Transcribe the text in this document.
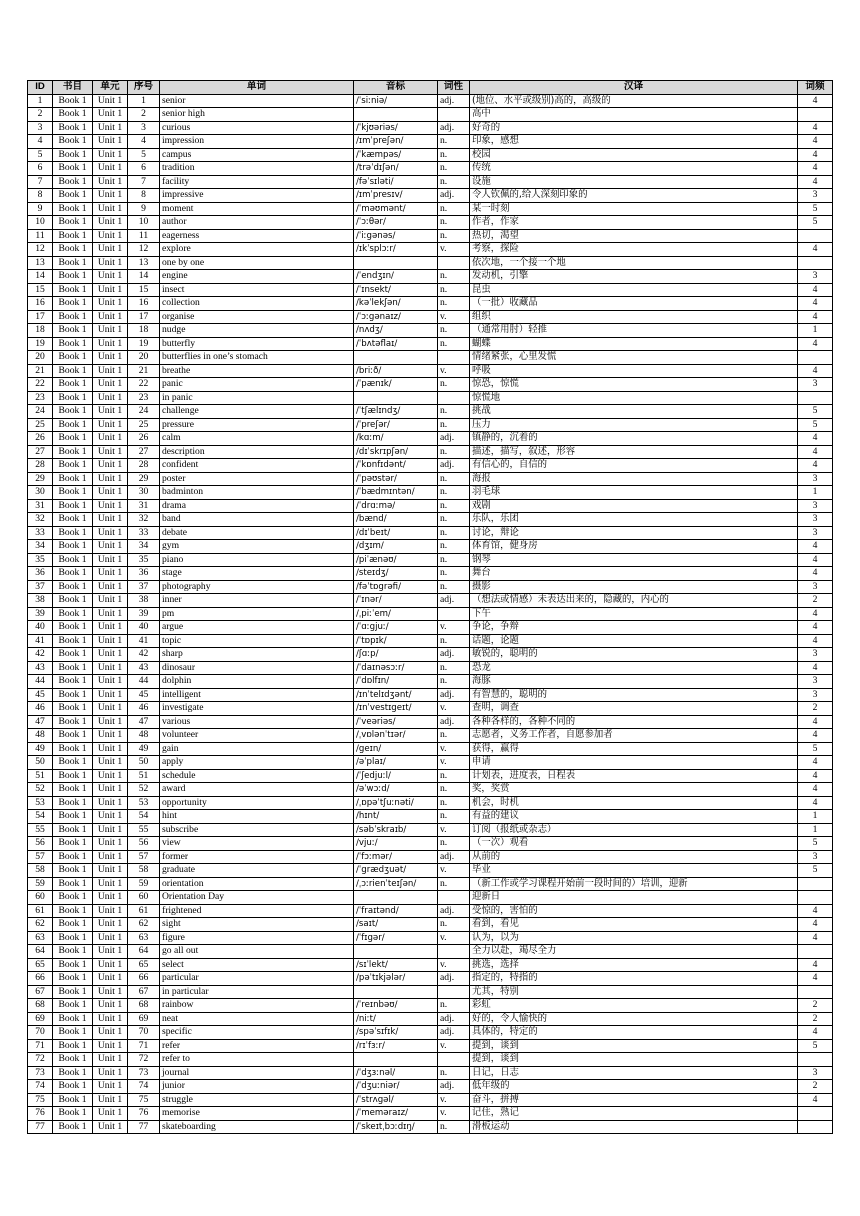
ID	书目	单元	序号	单词	音标	词性	汉译	词频
1	Book 1	Unit 1	1	senior	/ˈsiːniə/	adj.	(地位、水平或级别)高的，高级的	4
2	Book 1	Unit 1	2	senior high			高中	
3	Book 1	Unit 1	3	curious	/ˈkjʊəriəs/	adj.	好奇的	4
4	Book 1	Unit 1	4	impression	/ɪmˈpreʃən/	n.	印象，感想	4
5	Book 1	Unit 1	5	campus	/ˈkæmpəs/	n.	校园	4
6	Book 1	Unit 1	6	tradition	/trəˈdɪʃən/	n.	传统	4
7	Book 1	Unit 1	7	facility	/fəˈsɪləti/	n.	设施	4
8	Book 1	Unit 1	8	impressive	/ɪmˈpresɪv/	adj.	令人钦佩的,给人深刻印象的	3
9	Book 1	Unit 1	9	moment	/ˈməʊmənt/	n.	某一时刻	5
10	Book 1	Unit 1	10	author	/ˈɔːθər/	n.	作者，作家	5
11	Book 1	Unit 1	11	eagerness	/ˈiːgənəs/	n.	热切，渴望	
12	Book 1	Unit 1	12	explore	/ɪkˈsplɔːr/	v.	考察，探险	4
13	Book 1	Unit 1	13	one by one			依次地，一个接一个地	
14	Book 1	Unit 1	14	engine	/ˈendʒɪn/	n.	发动机，引擎	3
15	Book 1	Unit 1	15	insect	/ˈɪnsekt/	n.	昆虫	4
16	Book 1	Unit 1	16	collection	/kəˈlekʃən/	n.	（一批）收藏品	4
17	Book 1	Unit 1	17	organise	/ˈɔːgənaɪz/	v.	组织	4
18	Book 1	Unit 1	18	nudge	/nʌdʒ/	n.	（通常用肘）轻推	1
19	Book 1	Unit 1	19	butterfly	/ˈbʌtəflaɪ/	n.	蝴蝶	4
20	Book 1	Unit 1	20	butterflies in one’s stomach			情绪紧张，心里发慌	
21	Book 1	Unit 1	21	breathe	/briːð/	v.	呼吸	4
22	Book 1	Unit 1	22	panic	/ˈpænɪk/	n.	惊恐，惊慌	3
23	Book 1	Unit 1	23	in panic			惊慌地	
24	Book 1	Unit 1	24	challenge	/ˈtʃælɪndʒ/	n.	挑战	5
25	Book 1	Unit 1	25	pressure	/ˈpreʃər/	n.	压力	5
26	Book 1	Unit 1	26	calm	/kɑːm/	adj.	镇静的，沉着的	4
27	Book 1	Unit 1	27	description	/dɪˈskrɪpʃən/	n.	描述，描写，叙述，形容	4
28	Book 1	Unit 1	28	confident	/ˈkɒnfɪdənt/	adj.	有信心的，自信的	4
29	Book 1	Unit 1	29	poster	/ˈpəʊstər/	n.	海报	3
30	Book 1	Unit 1	30	badminton	/ˈbædmɪntən/	n.	羽毛球	1
31	Book 1	Unit 1	31	drama	/ˈdrɑːmə/	n.	戏剧	3
32	Book 1	Unit 1	32	band	/bænd/	n.	乐队，乐团	3
33	Book 1	Unit 1	33	debate	/dɪˈbeɪt/	n.	讨论，辩论	3
34	Book 1	Unit 1	34	gym	/dʒɪm/	n.	体育馆，健身房	4
35	Book 1	Unit 1	35	piano	/piˈænəʊ/	n.	钢琴	4
36	Book 1	Unit 1	36	stage	/steɪdʒ/	n.	舞台	4
37	Book 1	Unit 1	37	photography	/fəˈtɒgrəfi/	n.	摄影	3
38	Book 1	Unit 1	38	inner	/ˈɪnər/	adj.	（想法或情感）未表达出来的，隐藏的，内心的	2
39	Book 1	Unit 1	39	pm	/ˌpiːˈem/		下午	4
40	Book 1	Unit 1	40	argue	/ˈɑːgjuː/	v.	争论，争辩	4
41	Book 1	Unit 1	41	topic	/ˈtɒpɪk/	n.	话题，论题	4
42	Book 1	Unit 1	42	sharp	/ʃɑːp/	adj.	敏锐的，聪明的	3
43	Book 1	Unit 1	43	dinosaur	/ˈdaɪnəsɔːr/	n.	恐龙	4
44	Book 1	Unit 1	44	dolphin	/ˈdɒlfɪn/	n.	海豚	3
45	Book 1	Unit 1	45	intelligent	/ɪnˈtelɪdʒənt/	adj.	有智慧的，聪明的	3
46	Book 1	Unit 1	46	investigate	/ɪnˈvestɪgeɪt/	v.	查明，调查	2
47	Book 1	Unit 1	47	various	/ˈveəriəs/	adj.	各种各样的，各种不同的	4
48	Book 1	Unit 1	48	volunteer	/ˌvɒlənˈtɪər/	n.	志愿者，义务工作者，自愿参加者	4
49	Book 1	Unit 1	49	gain	/geɪn/	v.	获得，赢得	5
50	Book 1	Unit 1	50	apply	/əˈplaɪ/	v.	申请	4
51	Book 1	Unit 1	51	schedule	/ˈʃedjuːl/	n.	计划表，进度表，日程表	4
52	Book 1	Unit 1	52	award	/əˈwɔːd/	n.	奖，奖赏	4
53	Book 1	Unit 1	53	opportunity	/ˌɒpəˈtʃuːnəti/	n.	机会，时机	4
54	Book 1	Unit 1	54	hint	/hɪnt/	n.	有益的建议	1
55	Book 1	Unit 1	55	subscribe	/səbˈskraɪb/	v.	订阅（报纸或杂志）	1
56	Book 1	Unit 1	56	view	/vjuː/	n.	（一次）观看	5
57	Book 1	Unit 1	57	former	/ˈfɔːmər/	adj.	从前的	3
58	Book 1	Unit 1	58	graduate	/ˈgrædʒuət/	v.	毕业	5
59	Book 1	Unit 1	59	orientation	/ˌɔːrienˈteɪʃən/	n.	（新工作或学习课程开始前一段时间的）培训，迎新	
60	Book 1	Unit 1	60	Orientation Day			迎新日	
61	Book 1	Unit 1	61	frightened	/ˈfraɪtənd/	adj.	受惊的，害怕的	4
62	Book 1	Unit 1	62	sight	/saɪt/	n.	看到，看见	4
63	Book 1	Unit 1	63	figure	/ˈfɪgər/	v.	认为，以为	4
64	Book 1	Unit 1	64	go all out			全力以赴，竭尽全力	
65	Book 1	Unit 1	65	select	/sɪˈlekt/	v.	挑选，选择	4
66	Book 1	Unit 1	66	particular	/pəˈtɪkjələr/	adj.	指定的，特指的	4
67	Book 1	Unit 1	67	in particular			尤其，特别	
68	Book 1	Unit 1	68	rainbow	/ˈreɪnbəʊ/	n.	彩虹	2
69	Book 1	Unit 1	69	neat	/niːt/	adj.	好的，令人愉快的	2
70	Book 1	Unit 1	70	specific	/spəˈsɪfɪk/	adj.	具体的，特定的	4
71	Book 1	Unit 1	71	refer	/rɪˈfɜːr/	v.	提到，谈到	5
72	Book 1	Unit 1	72	refer to			提到，谈到	
73	Book 1	Unit 1	73	journal	/ˈdʒɜːnəl/	n.	日记，日志	3
74	Book 1	Unit 1	74	junior	/ˈdʒuːniər/	adj.	低年级的	2
75	Book 1	Unit 1	75	struggle	/ˈstrʌgəl/	v.	奋斗，拼搏	4
76	Book 1	Unit 1	76	memorise	/ˈmeməraɪz/	v.	记住，熟记	
77	Book 1	Unit 1	77	skateboarding	/ˈskeɪtˌbɔːdɪŋ/	n.	滑板运动	
